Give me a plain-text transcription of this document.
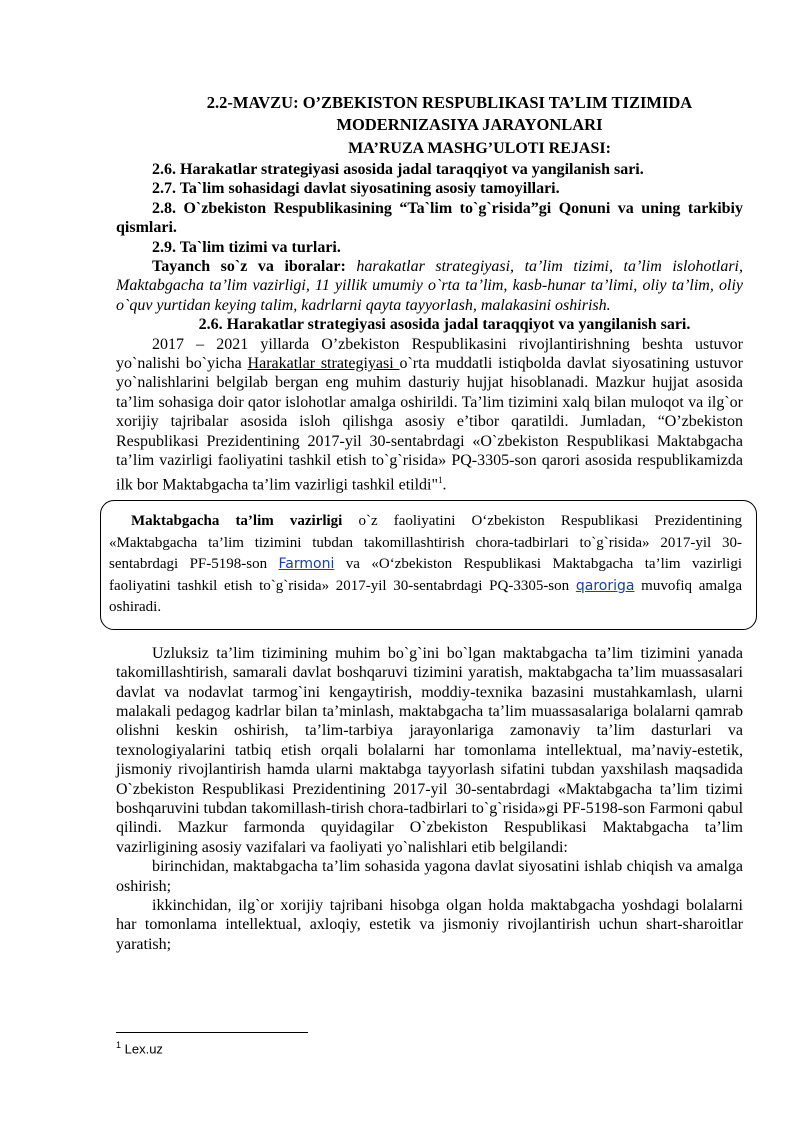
2.2-MAVZU: O’ZBEKISTON RESPUBLIKASI TA’LIM TIZIMIDA
MODERNIZASIYA JARAYONLARI
MA’RUZA MASHG’ULOTI REJASI:

2.6. Harakatlar strategiyasi asosida jadal taraqqiyot va yangilanish sari.

2.7. Ta`lim sohasidagi davlat siyosatining asosiy tamoyillari.

2.8. O`zbekiston Respublikasining “Ta`lim to`g`risida”gi Qonuni va uning tarkibiy qismlari.

2.9. Ta`lim tizimi va turlari.

Tayanch so`z va iboralar: harakatlar strategiyasi, ta’lim tizimi, ta’lim islohotlari, Maktabgacha ta’lim vazirligi, 11 yillik umumiy o`rta ta’lim, kasb-hunar ta’limi, oliy ta’lim, oliy o`quv yurtidan keying talim, kadrlarni qayta tayyorlash, malakasini oshirish.

2.6. Harakatlar strategiyasi asosida jadal taraqqiyot va yangilanish sari.

2017 – 2021 yillarda O’zbekiston Respublikasini rivojlantirishning beshta ustuvor yo`nalishi bo`yicha Harakatlar strategiyasi o`rta muddatli istiqbolda davlat siyosatining ustuvor yo`nalishlarini belgilab bergan eng muhim dasturiy hujjat hisoblanadi. Mazkur hujjat asosida ta’lim sohasiga doir qator islohotlar amalga oshirildi. Ta’lim tizimini xalq bilan muloqot va ilg`or xorijiy tajribalar asosida isloh qilishga asosiy e’tibor qaratildi. Jumladan, “O’zbekiston Respublikasi Prezidentining 2017-yil 30-sentabrdagi «O`zbekiston Respublikasi Maktabgacha ta’lim vazirligi faoliyatini tashkil etish to`g`risida» PQ-3305-son qarori asosida respublikamizda ilk bor Maktabgacha ta’lim vazirligi tashkil etildi"$^1$.

Maktabgacha ta’lim vazirligi o`z faoliyatini O‘zbekiston Respublikasi Prezidentining «Maktabgacha ta’lim tizimini tubdan takomillashtirish chora-tadbirlari to`g`risida» 2017-yil 30-sentabrdagi PF-5198-son Farmoni va «O‘zbekiston Respublikasi Maktabgacha ta’lim vazirligi faoliyatini tashkil etish to`g`risida» 2017-yil 30-sentabrdagi PQ-3305-son qaroriga muvofiq amalga oshiradi.

Uzluksiz ta’lim tizimining muhim bo`g`ini bo`lgan maktabgacha ta’lim tizimini yanada takomillashtirish, samarali davlat boshqaruvi tizimini yaratish, maktabgacha ta’lim muassasalari davlat va nodavlat tarmog`ini kengaytirish, moddiy-texnika bazasini mustahkamlash, ularni malakali pedagog kadrlar bilan ta’minlash, maktabgacha ta’lim muassasalariga bolalarni qamrab olishni keskin oshirish, ta’lim-tarbiya jarayonlariga zamonaviy ta’lim dasturlari va texnologiyalarini tatbiq etish orqali bolalarni har tomonlama intellektual, ma’naviy-estetik, jismoniy rivojlantirish hamda ularni maktabga tayyorlash sifatini tubdan yaxshilash maqsadida O`zbekiston Respublikasi Prezidentining 2017-yil 30-sentabrdagi «Maktabgacha ta’lim tizimi boshqaruvini tubdan takomillash-tirish chora-tadbirlari to`g`risida»gi PF-5198-son Farmoni qabul qilindi. Mazkur farmonda quyidagilar O`zbekiston Respublikasi Maktabgacha ta’lim vazirligining asosiy vazifalari va faoliyati yo`nalishlari etib belgilandi:

birinchidan, maktabgacha ta’lim sohasida yagona davlat siyosatini ishlab chiqish va amalga oshirish;

ikkinchidan, ilg`or xorijiy tajribani hisobga olgan holda maktabgacha yoshdagi bolalarni har tomonlama intellektual, axloqiy, estetik va jismoniy rivojlantirish uchun shart-sharoitlar yaratish;

$^1$ Lex.uz
